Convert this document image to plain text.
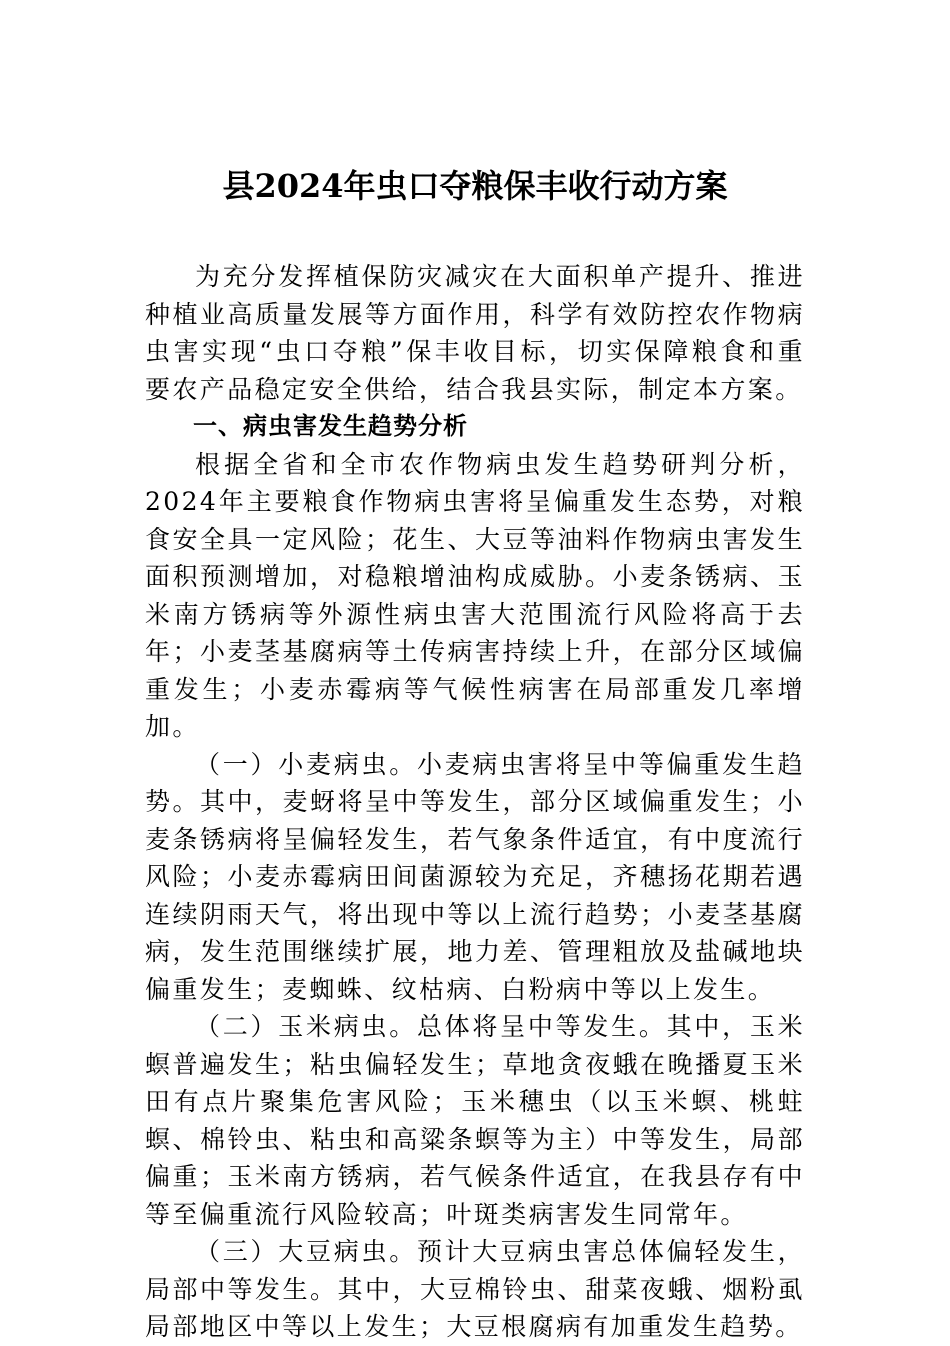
县2024年虫口夺粮保丰收行动方案

为充分发挥植保防灾减灾在大面积单产提升、推进种植业高质量发展等方面作用，科学有效防控农作物病虫害实现“虫口夺粮”保丰收目标，切实保障粮食和重要农产品稳定安全供给，结合我县实际，制定本方案。

一、病虫害发生趋势分析

根据全省和全市农作物病虫发生趋势研判分析，2024年主要粮食作物病虫害将呈偏重发生态势，对粮食安全具一定风险；花生、大豆等油料作物病虫害发生面积预测增加，对稳粮增油构成威胁。小麦条锈病、玉米南方锈病等外源性病虫害大范围流行风险将高于去年；小麦茎基腐病等土传病害持续上升，在部分区域偏重发生；小麦赤霉病等气候性病害在局部重发几率增加。

（一）小麦病虫。小麦病虫害将呈中等偏重发生趋势。其中，麦蚜将呈中等发生，部分区域偏重发生；小麦条锈病将呈偏轻发生，若气象条件适宜，有中度流行风险；小麦赤霉病田间菌源较为充足，齐穗扬花期若遇连续阴雨天气，将出现中等以上流行趋势；小麦茎基腐病，发生范围继续扩展，地力差、管理粗放及盐碱地块偏重发生；麦蜘蛛、纹枯病、白粉病中等以上发生。

（二）玉米病虫。总体将呈中等发生。其中，玉米螟普遍发生；粘虫偏轻发生；草地贪夜蛾在晚播夏玉米田有点片聚集危害风险；玉米穗虫（以玉米螟、桃蛀螟、棉铃虫、粘虫和高粱条螟等为主）中等发生，局部偏重；玉米南方锈病，若气候条件适宜，在我县存有中等至偏重流行风险较高；叶斑类病害发生同常年。

（三）大豆病虫。预计大豆病虫害总体偏轻发生，局部中等发生。其中，大豆棉铃虫、甜菜夜蛾、烟粉虱局部地区中等以上发生；大豆根腐病有加重发生趋势。
